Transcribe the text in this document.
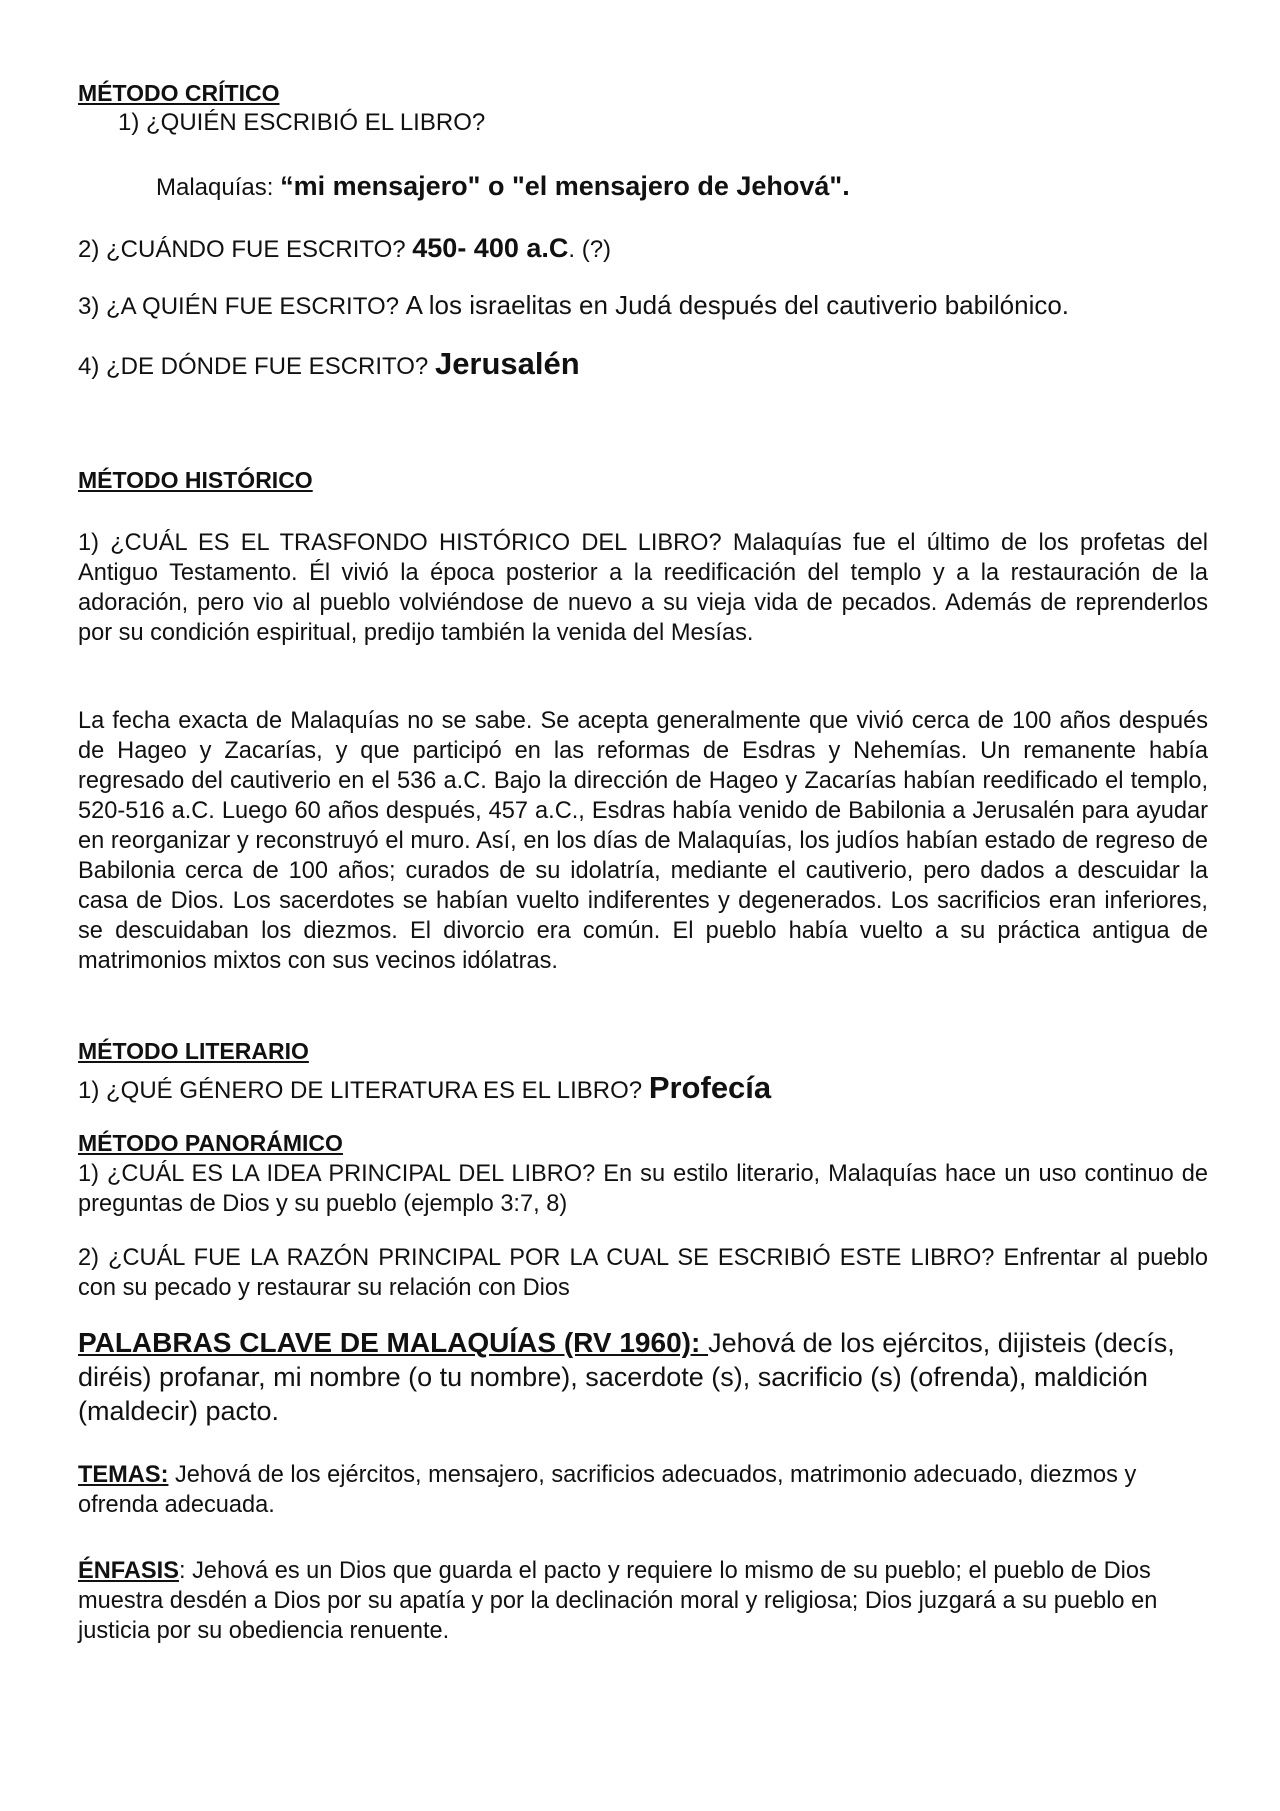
MÉTODO CRÍTICO
1) ¿QUIÉN ESCRIBIÓ EL LIBRO?
Malaquías: “mi mensajero" o "el mensajero de Jehová".
2) ¿CUÁNDO FUE ESCRITO? 450- 400 a.C. (?)
3) ¿A QUIÉN FUE ESCRITO? A los israelitas en Judá después del cautiverio babilónico.
4) ¿DE DÓNDE FUE ESCRITO? Jerusalén
MÉTODO HISTÓRICO

1) ¿CUÁL ES EL TRASFONDO HISTÓRICO DEL LIBRO? Malaquías fue el último de los profetas del Antiguo Testamento. Él vivió la época posterior a la reedificación del templo y a la restauración de la adoración, pero vio al pueblo volviéndose de nuevo a su vieja vida de pecados. Además de reprenderlos por su condición espiritual, predijo también la venida del Mesías.

La fecha exacta de Malaquías no se sabe. Se acepta generalmente que vivió cerca de 100 años después de Hageo y Zacarías, y que participó en las reformas de Esdras y Nehemías. Un remanente había regresado del cautiverio en el 536 a.C. Bajo la dirección de Hageo y Zacarías habían reedificado el templo, 520-516 a.C. Luego 60 años después, 457 a.C., Esdras había venido de Babilonia a Jerusalén para ayudar en reorganizar y reconstruyó el muro. Así, en los días de Malaquías, los judíos habían estado de regreso de Babilonia cerca de 100 años; curados de su idolatría, mediante el cautiverio, pero dados a descuidar la casa de Dios. Los sacerdotes se habían vuelto indiferentes y degenerados. Los sacrificios eran inferiores, se descuidaban los diezmos. El divorcio era común. El pueblo había vuelto a su práctica antigua de matrimonios mixtos con sus vecinos idólatras.

MÉTODO LITERARIO
1) ¿QUÉ GÉNERO DE LITERATURA ES EL LIBRO? Profecía
MÉTODO PANORÁMICO

1) ¿CUÁL ES LA IDEA PRINCIPAL DEL LIBRO? En su estilo literario, Malaquías hace un uso continuo de preguntas de Dios y su pueblo (ejemplo 3:7, 8)

2) ¿CUÁL FUE LA RAZÓN PRINCIPAL POR LA CUAL SE ESCRIBIÓ ESTE LIBRO? Enfrentar al pueblo con su pecado y restaurar su relación con Dios

PALABRAS CLAVE DE MALAQUÍAS (RV 1960): Jehová de los ejércitos, dijisteis (decís, diréis) profanar, mi nombre (o tu nombre), sacerdote (s), sacrificio (s) (ofrenda), maldición (maldecir) pacto.

TEMAS: Jehová de los ejércitos, mensajero, sacrificios adecuados, matrimonio adecuado, diezmos y ofrenda adecuada.

ÉNFASIS: Jehová es un Dios que guarda el pacto y requiere lo mismo de su pueblo; el pueblo de Dios muestra desdén a Dios por su apatía y por la declinación moral y religiosa; Dios juzgará a su pueblo en justicia por su obediencia renuente.
